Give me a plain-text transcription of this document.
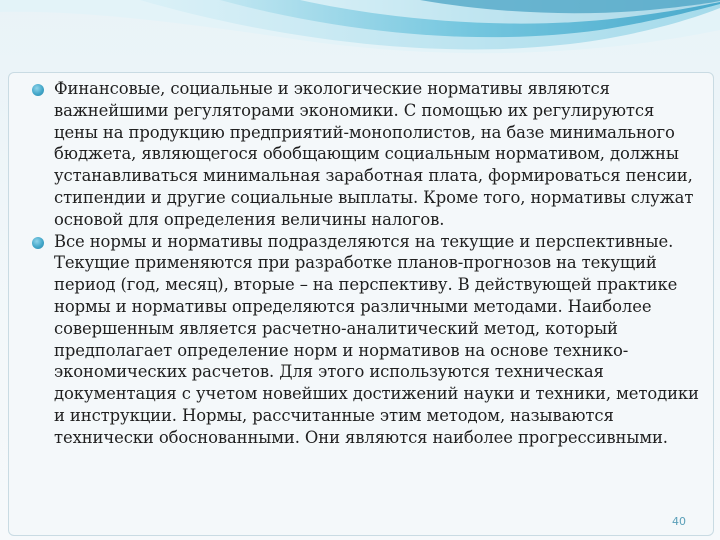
Финансовые, социальные и экологические нормативы являются важнейшими регуляторами экономики. С помощью их регулируются цены на продукцию предприятий-монополистов, на базе минимального бюджета, являющегося обобщающим социальным нормативом, должны устанавливаться минимальная заработная плата, формироваться пенсии, стипендии и другие социальные выплаты. Кроме того, нормативы служат основой для определения величины налогов.
Все нормы и нормативы подразделяются на текущие и перспективные. Текущие применяются при разработке планов-прогнозов на текущий период (год, месяц), вторые – на перспективу. В действующей практике нормы и нормативы определяются различными методами. Наиболее совершенным является расчетно-аналитический метод, который предполагает определение норм и нормативов на основе технико- экономических расчетов. Для этого используются техническая документация с учетом новейших достижений науки и техники, методики и инструкции. Нормы, рассчитанные этим методом, называются технически обоснованными. Они являются наиболее прогрессивными.
40
